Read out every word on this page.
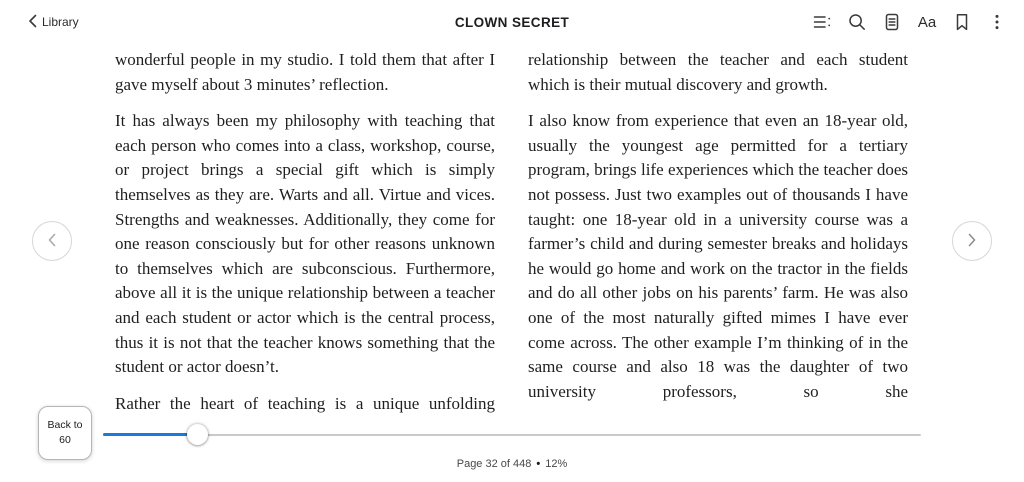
Library	CLOWN SECRET	Aa

wonderful people in my studio. I told them that after I gave myself about 3 minutes’ reflection.

It has always been my philosophy with teaching that each person who comes into a class, workshop, course, or project brings a special gift which is simply themselves as they are. Warts and all. Virtue and vices. Strengths and weaknesses. Additionally, they come for one reason consciously but for other reasons unknown to themselves which are subconscious. Furthermore, above all it is the unique relationship between a teacher and each student or actor which is the central process, thus it is not that the teacher knows something that the student or actor doesn’t.

Rather the heart of teaching is a unique unfolding

relationship between the teacher and each student which is their mutual discovery and growth.

I also know from experience that even an 18-year old, usually the youngest age permitted for a tertiary program, brings life experiences which the teacher does not possess. Just two examples out of thousands I have taught: one 18-year old in a university course was a farmer’s child and during semester breaks and holidays he would go home and work on the tractor in the fields and do all other jobs on his parents’ farm. He was also one of the most naturally gifted mimes I have ever come across. The other example I’m thinking of in the same course and also 18 was the daughter of two university professors, so she

Back to
60
Page 32 of 448 • 12%
